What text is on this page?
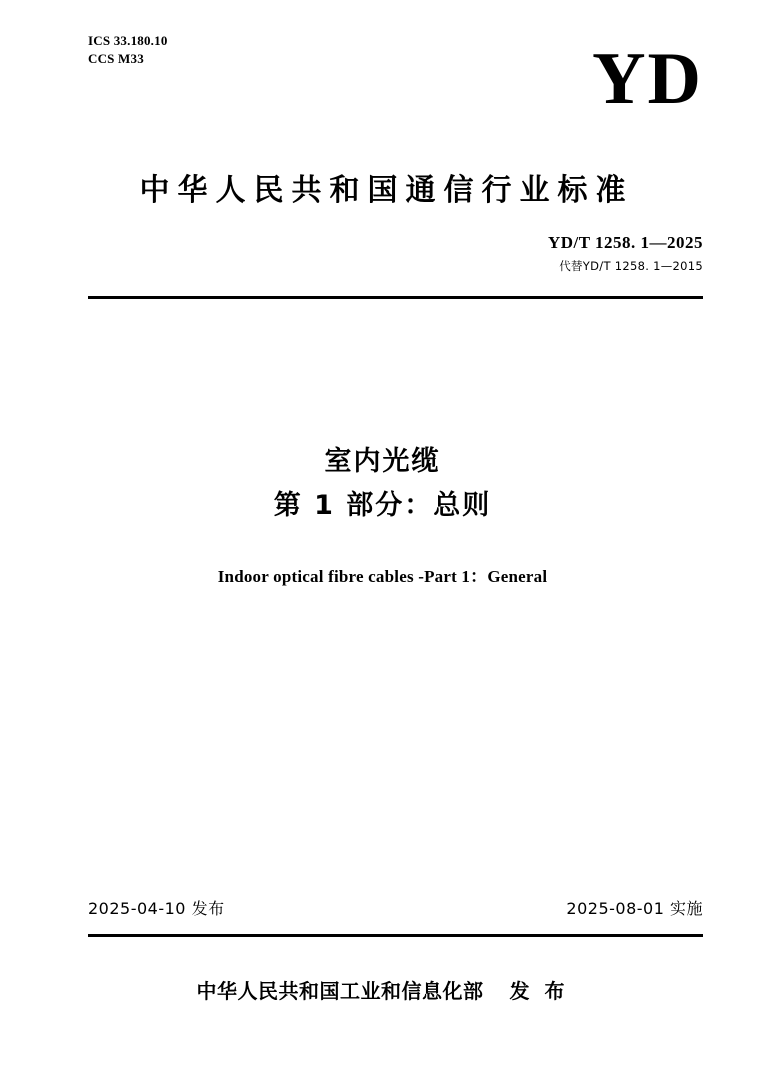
ICS 33.180.10
CCS M33	YD
中华人民共和国通信行业标准
YD/T 1258. 1—2025
代替YD/T 1258. 1—2015
室内光缆
第 1 部分：总则
Indoor optical fibre cables -Part 1：General
2025-04-10 发布	2025-08-01 实施
中华人民共和国工业和信息化部 发 布
